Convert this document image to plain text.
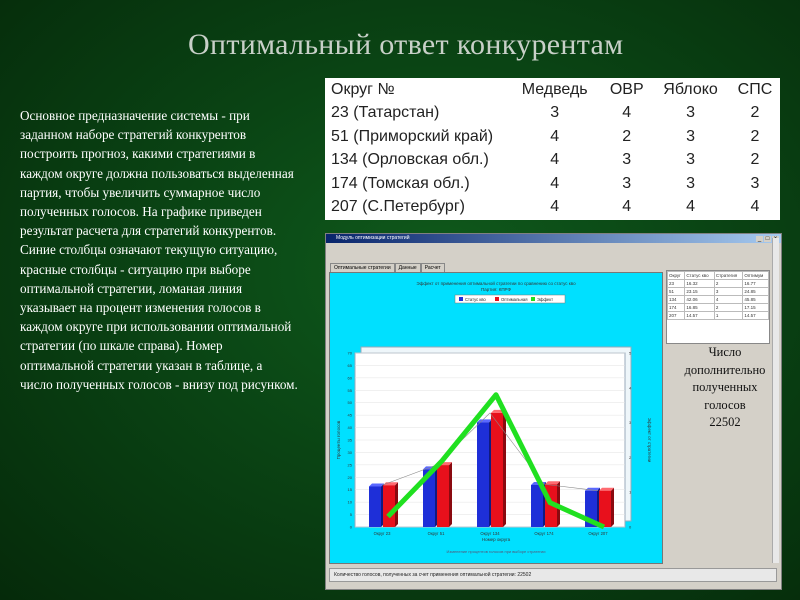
Оптимальный ответ конкурентам
Основное предназначение системы - при заданном наборе стратегий конкурентов построить прогноз, какими стратегиями в каждом округе должна пользоваться выделенная партия, чтобы увеличить суммарное число полученных голосов. На графике приведен результат расчета для стратегий конкурентов. Синие столбцы означают текущую ситуацию, красные столбцы - ситуацию при выборе оптимальной стратегии, ломаная линия указывает на процент изменения голосов в каждом округе при использовании оптимальной стратегии (по шкале справа). Номер оптимальной стратегии указан в таблице, а число полученных голосов - внизу под рисунком.
Округ №	Медведь	ОВР	Яблоко	СПС
23 (Татарстан)	3	4	3	2
51 (Приморский край)	4	2	3	2
134 (Орловская обл.)	4	3	3	2
174 (Томская обл.)	4	3	3	3
207 (С.Петербург)	4	4	4	4
Модуль оптимизации стратегий	_ □
Оптимальные стратегии Данные Расчет
Эффект от применения оптимальной стратегии по сравнению со статус кво
Партия: КПРФ
Статус кво	Оптимальная Эффект
0
5
10
15
20
25
30
35
40
45
50
55
60
65
70
0
1
2
3
4
5
Проценты голосов	Эффект от стратегии
Округ 23	Округ 51	Округ 134	Округ 174	Округ 207
Номер округа
Изменение процентов голосов при выборе стратегии
Округ	Статус кво	Стратегия	Оптимум
23	16.32	2	16.77
51	23.15	3	24.85
134	42.06	4	45.85
174	16.85	2	17.15
207	14.57	1	14.57
Число
дополнительно
полученных
голосов
22502
Количество голосов, полученных за счет применения оптимальной стратегии: 22502
